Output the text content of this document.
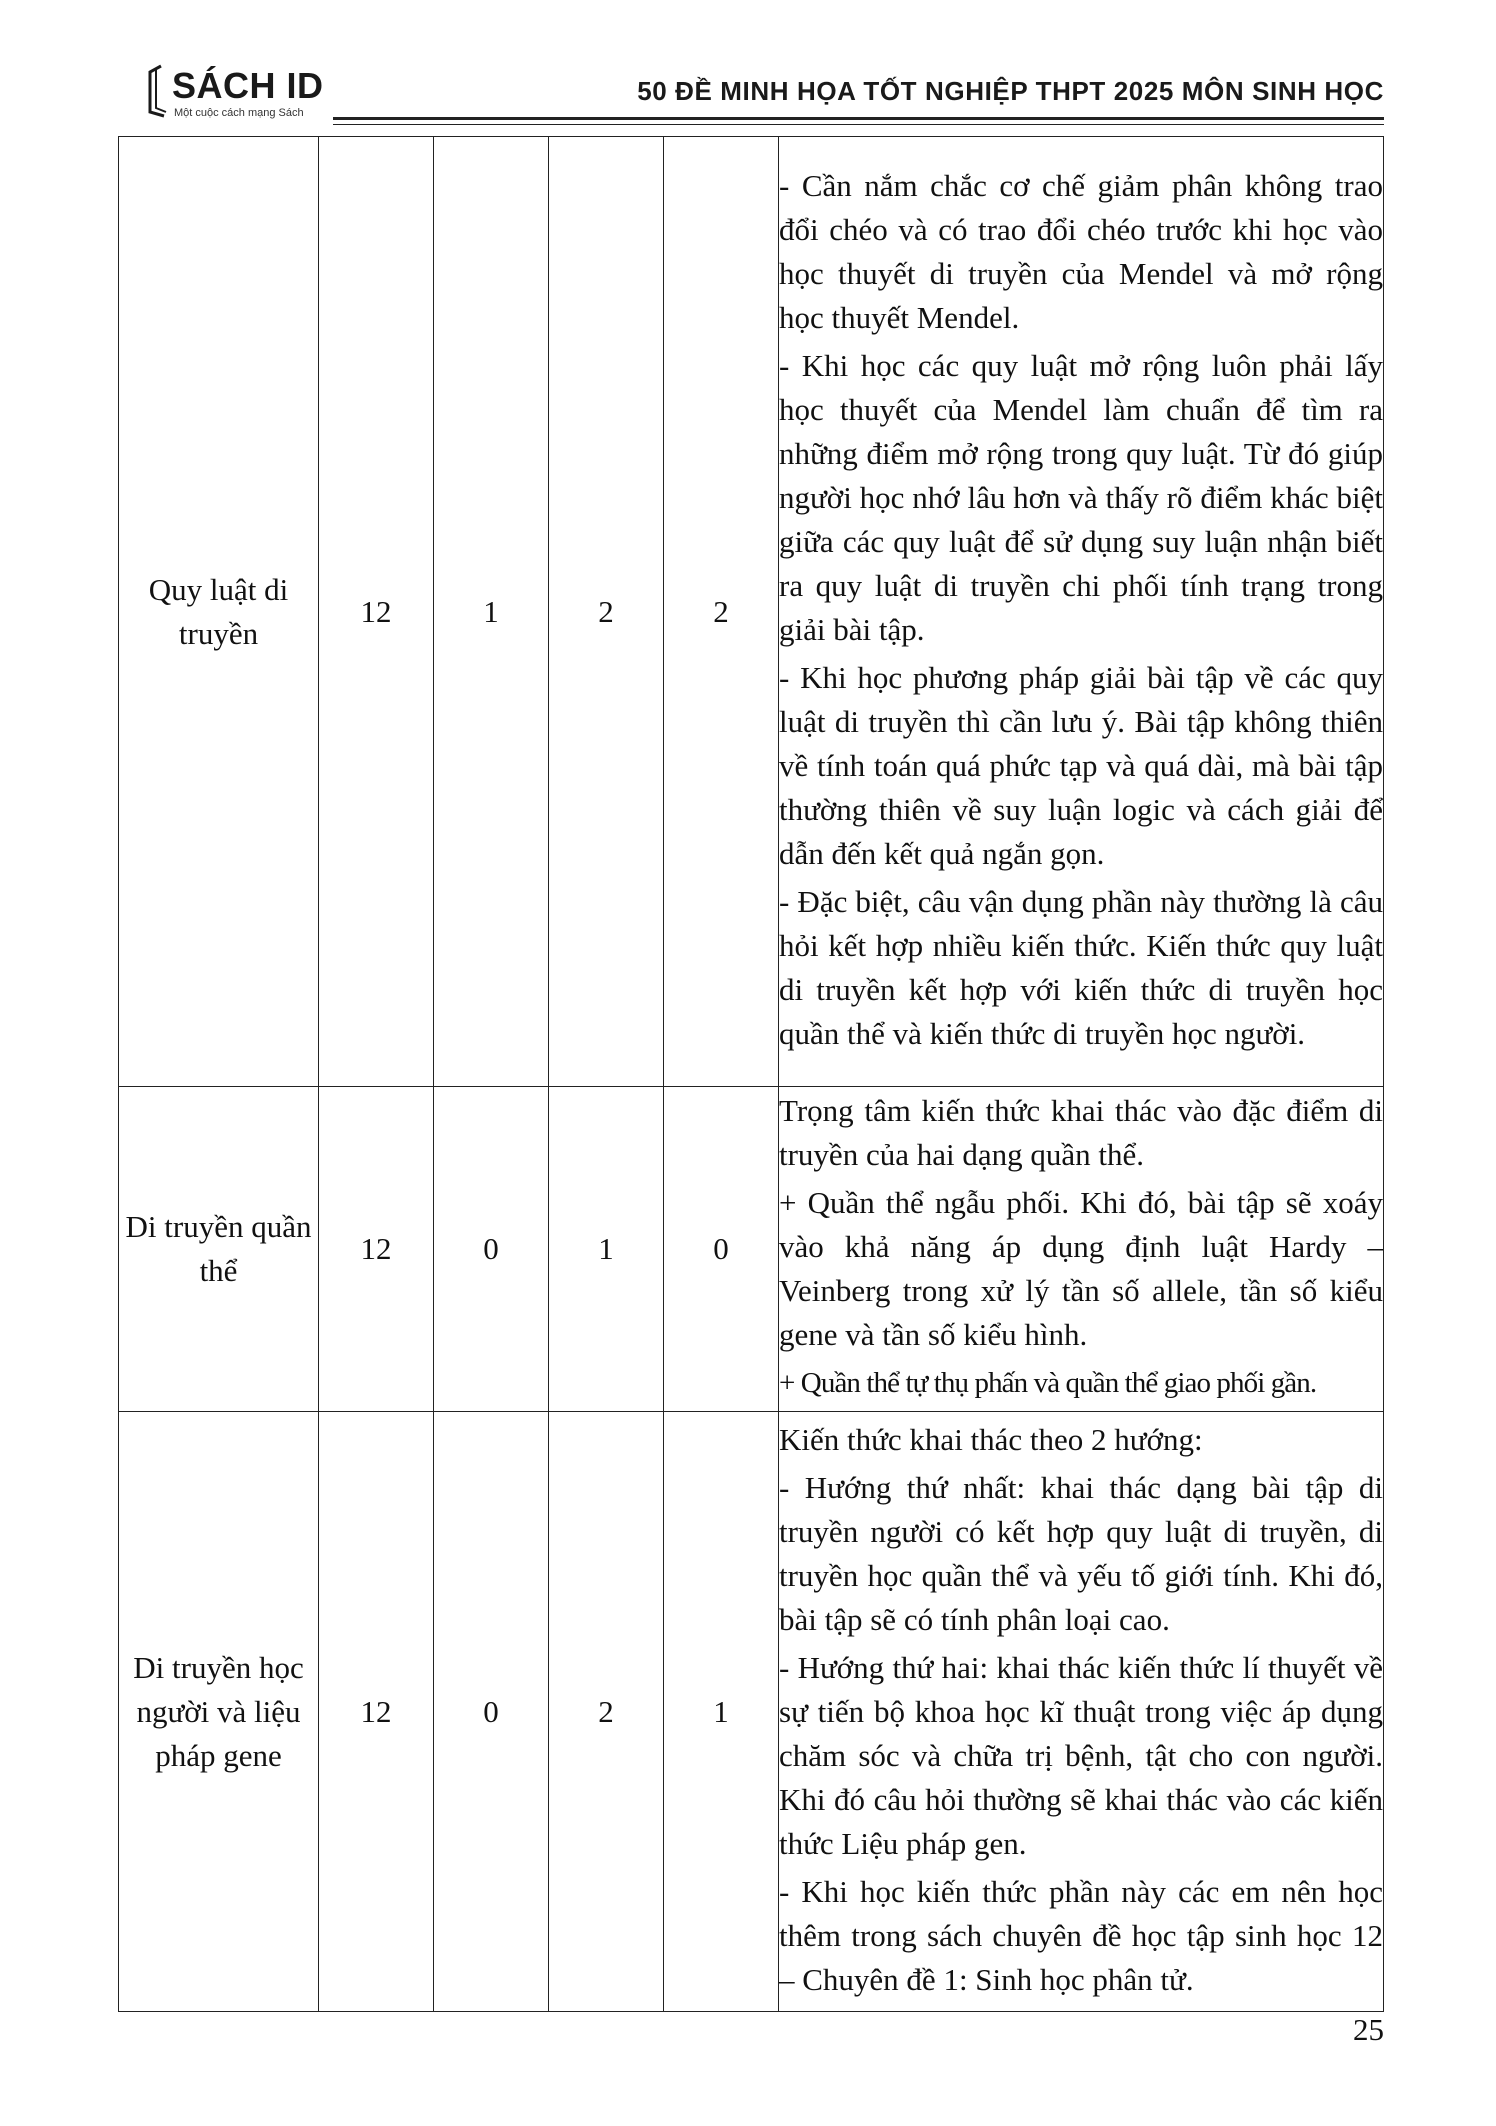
SÁCH ID
Một cuộc cách mạng Sách
50 ĐỀ MINH HỌA TỐT NGHIỆP THPT 2025 MÔN SINH HỌC
Quy luật di truyền	12	1	2	2	- Cần nắm chắc cơ chế giảm phân không trao đổi chéo và có trao đổi chéo trước khi học vào học thuyết di truyền của Mendel và mở rộng học thuyết Mendel.

- Khi học các quy luật mở rộng luôn phải lấy học thuyết của Mendel làm chuẩn để tìm ra những điểm mở rộng trong quy luật. Từ đó giúp người học nhớ lâu hơn và thấy rõ điểm khác biệt giữa các quy luật để sử dụng suy luận nhận biết ra quy luật di truyền chi phối tính trạng trong giải bài tập.

- Khi học phương pháp giải bài tập về các quy luật di truyền thì cần lưu ý. Bài tập không thiên về tính toán quá phức tạp và quá dài, mà bài tập thường thiên về suy luận logic và cách giải để dẫn đến kết quả ngắn gọn.

- Đặc biệt, câu vận dụng phần này thường là câu hỏi kết hợp nhiều kiến thức. Kiến thức quy luật di truyền kết hợp với kiến thức di truyền học quần thể và kiến thức di truyền học người.

Di truyền quần thể	12	0	1	0	Trọng tâm kiến thức khai thác vào đặc điểm di truyền của hai dạng quần thể.

+ Quần thể ngẫu phối. Khi đó, bài tập sẽ xoáy vào khả năng áp dụng định luật Hardy – Veinberg trong xử lý tần số allele, tần số kiểu gene và tần số kiểu hình.

+ Quần thể tự thụ phấn và quần thể giao phối gần.

Di truyền học người và liệu pháp gene	12	0	2	1	Kiến thức khai thác theo 2 hướng:

- Hướng thứ nhất: khai thác dạng bài tập di truyền người có kết hợp quy luật di truyền, di truyền học quần thể và yếu tố giới tính. Khi đó, bài tập sẽ có tính phân loại cao.

- Hướng thứ hai: khai thác kiến thức lí thuyết về sự tiến bộ khoa học kĩ thuật trong việc áp dụng chăm sóc và chữa trị bệnh, tật cho con người. Khi đó câu hỏi thường sẽ khai thác vào các kiến thức Liệu pháp gen.

- Khi học kiến thức phần này các em nên học thêm trong sách chuyên đề học tập sinh học 12 – Chuyên đề 1: Sinh học phân tử.

25
